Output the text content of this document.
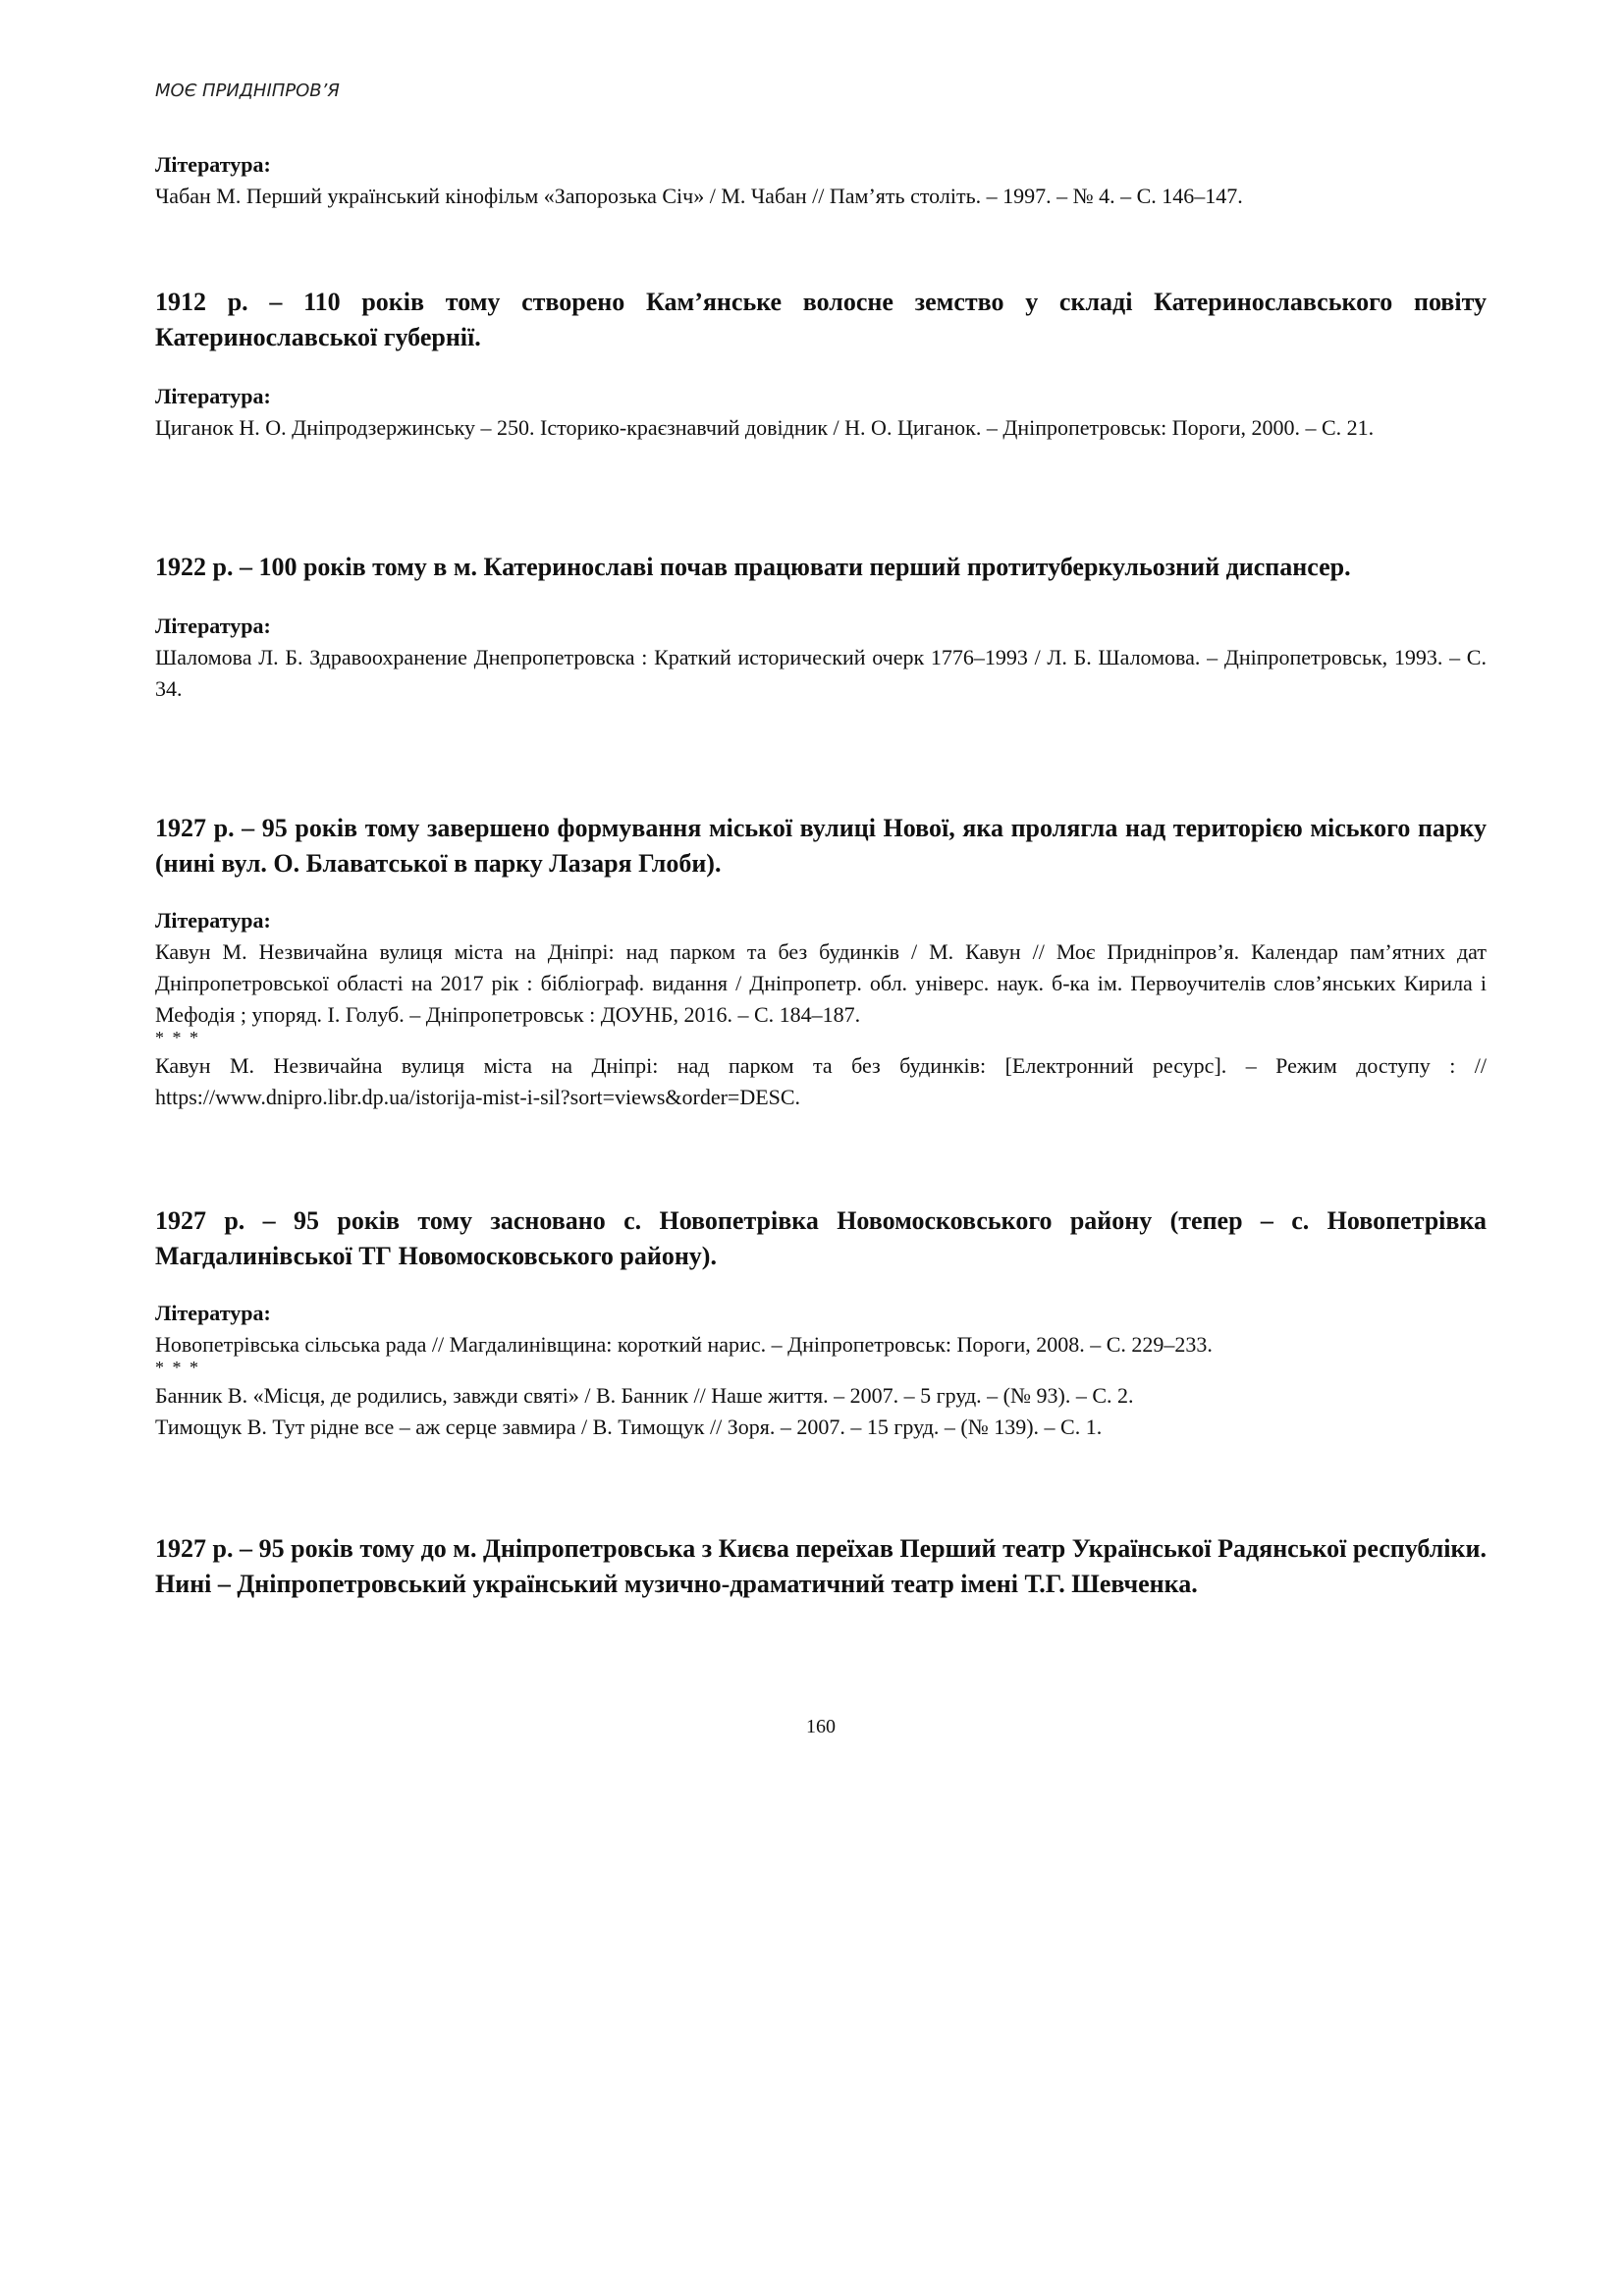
МОЄ ПРИДНІПРОВ’Я

Література:

Чабан М. Перший український кінофільм «Запорозька Січ» / М. Чабан // Пам’ять століть. – 1997. – № 4. – С. 146–147.

1912 р. – 110 років тому створено Кам’янське волосне земство у складі Катеринославського повіту Катеринославської губернії.

Література:

Циганок Н. О. Дніпродзержинську – 250. Історико-краєзнавчий довідник / Н. О. Циганок. – Дніпропетровськ: Пороги, 2000. – С. 21.

1922 р. – 100 років тому в м. Катеринославі почав працювати перший протитуберкульозний диспансер.

Література:

Шаломова Л. Б. Здравоохранение Днепропетровска : Краткий исторический очерк 1776–1993 / Л. Б. Шаломова. – Дніпропетровськ, 1993. – С. 34.

1927 р. – 95 років тому завершено формування міської вулиці Нової, яка пролягла над територією міського парку (нині вул. О. Блаватської в парку Лазаря Глоби).

Література:

Кавун М. Незвичайна вулиця міста на Дніпрі: над парком та без будинків / М. Кавун // Моє Придніпров’я. Календар пам’ятних дат Дніпропетровської області на 2017 рік : бібліограф. видання / Дніпропетр. обл. універс. наук. б-ка ім. Первоучителів слов’янських Кирила і Мефодія ; упоряд. І. Голуб. – Дніпропетровськ : ДОУНБ, 2016. – С. 184–187.

* * *

Кавун М. Незвичайна вулиця міста на Дніпрі: над парком та без будинків: [Електронний ресурс]. – Режим доступу : // https://www.dnipro.libr.dp.ua/istorija-mist-i-sil?sort=views&order=DESC.

1927 р. – 95 років тому засновано с. Новопетрівка Новомосковського району (тепер – с. Новопетрівка Магдалинівської ТГ Новомосковського району).

Література:

Новопетрівська сільська рада // Магдалинівщина: короткий нарис. – Дніпропетровськ: Пороги, 2008. – С. 229–233.

* * *

Банник В. «Місця, де родились, завжди святі» / В. Банник // Наше життя. – 2007. – 5 груд. – (№ 93). – С. 2.

Тимощук В. Тут рідне все – аж серце завмира / В. Тимощук // Зоря. – 2007. – 15 груд. – (№ 139). – С. 1.

1927 р. – 95 років тому до м. Дніпропетровська з Києва переїхав Перший театр Української Радянської республіки. Нині – Дніпропетровський український музично-драматичний театр імені Т.Г. Шевченка.

160
